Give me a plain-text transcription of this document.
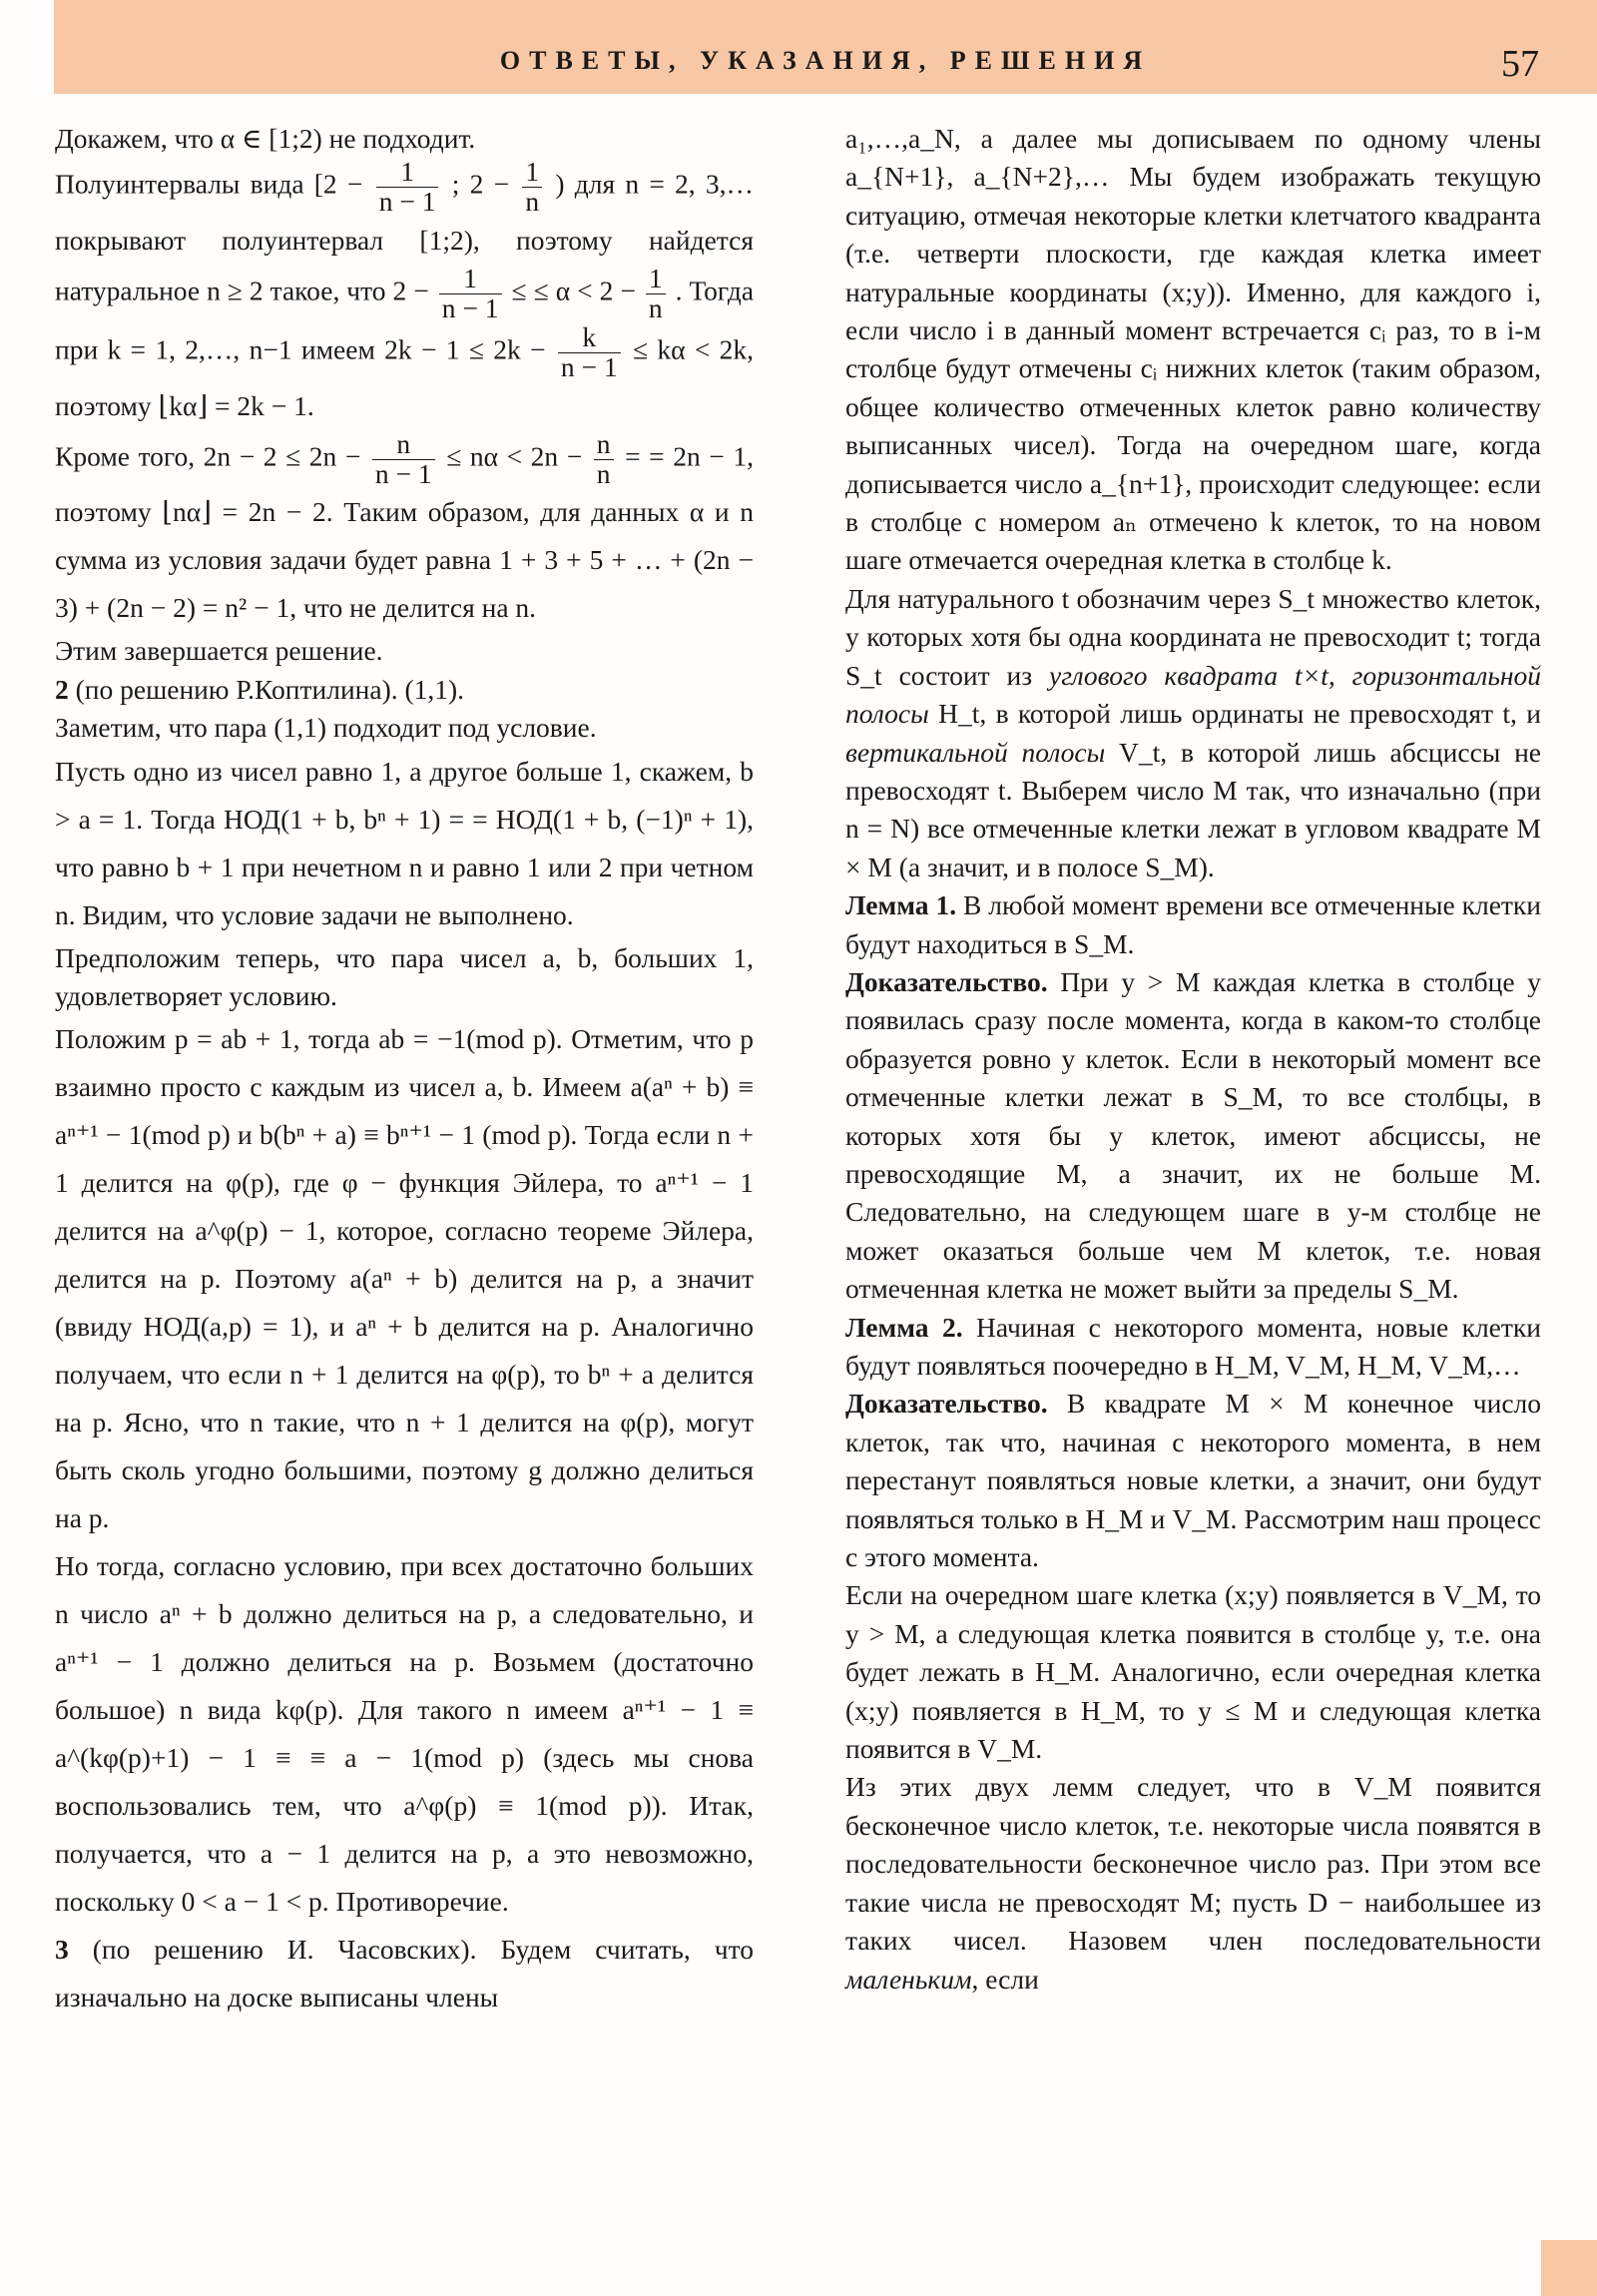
ОТВЕТЫ, УКАЗАНИЯ, РЕШЕНИЯ	57

Докажем, что α ∈ [1;2) не подходит.

Полуинтервалы вида [$2 - \frac{1}{n - 1}$ ; $2 - \frac{1}{n}$ ) для n = 2, 3,… покрывают полуинтервал [1;2), поэтому найдется натуральное n ≥ 2 такое, что $2 - \frac{1}{n - 1}$ ≤ ≤ $\alpha < 2 - \frac{1}{n}$ . Тогда при k = 1, 2,…, n−1 имеем $2k - 1 \le 2k - \frac{k}{n - 1} \le k\alpha < 2k$, поэтому ⌊kα⌋ = 2k − 1.

Кроме того, $2n - 2 \le 2n - \frac{n}{n - 1} \le n\alpha < 2n - \frac{n}{n}$ = = 2n − 1, поэтому ⌊nα⌋ = 2n − 2. Таким образом, для данных α и n сумма из условия задачи будет равна 1 + 3 + 5 + … + (2n − 3) + (2n − 2) = n² − 1, что не делится на n.

Этим завершается решение.

2 (по решению Р.Коптилина). (1,1).

Заметим, что пара (1,1) подходит под условие.

Пусть одно из чисел равно 1, а другое больше 1, скажем, b > a = 1. Тогда НОД(1 + b, bⁿ + 1) = = НОД(1 + b, (−1)ⁿ + 1), что равно b + 1 при нечетном n и равно 1 или 2 при четном n. Видим, что условие задачи не выполнено.

Предположим теперь, что пара чисел a, b, больших 1, удовлетворяет условию.

Положим p = ab + 1, тогда ab = −1(mod p). Отметим, что p взаимно просто с каждым из чисел a, b. Имеем a(aⁿ + b) ≡ aⁿ⁺¹ − 1(mod p) и b(bⁿ + a) ≡ bⁿ⁺¹ − 1 (mod p). Тогда если n + 1 делится на φ(p), где φ − функция Эйлера, то aⁿ⁺¹ − 1 делится на a^φ(p) − 1, которое, согласно теореме Эйлера, делится на p. Поэтому a(aⁿ + b) делится на p, а значит (ввиду НОД(a,p) = 1), и aⁿ + b делится на p. Аналогично получаем, что если n + 1 делится на φ(p), то bⁿ + a делится на p. Ясно, что n такие, что n + 1 делится на φ(p), могут быть сколь угодно большими, поэтому g должно делиться на p.

Но тогда, согласно условию, при всех достаточно больших n число aⁿ + b должно делиться на p, а следовательно, и aⁿ⁺¹ − 1 должно делиться на p. Возьмем (достаточно большое) n вида kφ(p). Для такого n имеем aⁿ⁺¹ − 1 ≡ a^(kφ(p)+1) − 1 ≡ ≡ a − 1(mod p) (здесь мы снова воспользовались тем, что a^φ(p) ≡ 1(mod p)). Итак, получается, что a − 1 делится на p, а это невозможно, поскольку 0 < a − 1 < p. Противоречие.

3 (по решению И. Часовских). Будем считать, что изначально на доске выписаны члены

a₁,…,a_N, а далее мы дописываем по одному члены a_{N+1}, a_{N+2},… Мы будем изображать текущую ситуацию, отмечая некоторые клетки клетчатого квадранта (т.е. четверти плоскости, где каждая клетка имеет натуральные координаты (x;y)). Именно, для каждого i, если число i в данный момент встречается cᵢ раз, то в i-м столбце будут отмечены cᵢ нижних клеток (таким образом, общее количество отмеченных клеток равно количеству выписанных чисел). Тогда на очередном шаге, когда дописывается число a_{n+1}, происходит следующее: если в столбце с номером aₙ отмечено k клеток, то на новом шаге отмечается очередная клетка в столбце k.

Для натурального t обозначим через S_t множество клеток, у которых хотя бы одна координата не превосходит t; тогда S_t состоит из углового квадрата t×t, горизонтальной полосы H_t, в которой лишь ординаты не превосходят t, и вертикальной полосы V_t, в которой лишь абсциссы не превосходят t. Выберем число M так, что изначально (при n = N) все отмеченные клетки лежат в угловом квадрате M × M (а значит, и в полосе S_M).

Лемма 1. В любой момент времени все отмеченные клетки будут находиться в S_M.

Доказательство. При y > M каждая клетка в столбце y появилась сразу после момента, когда в каком-то столбце образуется ровно y клеток. Если в некоторый момент все отмеченные клетки лежат в S_M, то все столбцы, в которых хотя бы y клеток, имеют абсциссы, не превосходящие M, а значит, их не больше M. Следовательно, на следующем шаге в y-м столбце не может оказаться больше чем M клеток, т.е. новая отмеченная клетка не может выйти за пределы S_M.

Лемма 2. Начиная с некоторого момента, новые клетки будут появляться поочередно в H_M, V_M, H_M, V_M,…

Доказательство. В квадрате M × M конечное число клеток, так что, начиная с некоторого момента, в нем перестанут появляться новые клетки, а значит, они будут появляться только в H_M и V_M. Рассмотрим наш процесс с этого момента.

Если на очередном шаге клетка (x;y) появляется в V_M, то y > M, а следующая клетка появится в столбце y, т.е. она будет лежать в H_M. Аналогично, если очередная клетка (x;y) появляется в H_M, то y ≤ M и следующая клетка появится в V_M.

Из этих двух лемм следует, что в V_M появится бесконечное число клеток, т.е. некоторые числа появятся в последовательности бесконечное число раз. При этом все такие числа не превосходят M; пусть D − наибольшее из таких чисел. Назовем член последовательности маленьким, если
